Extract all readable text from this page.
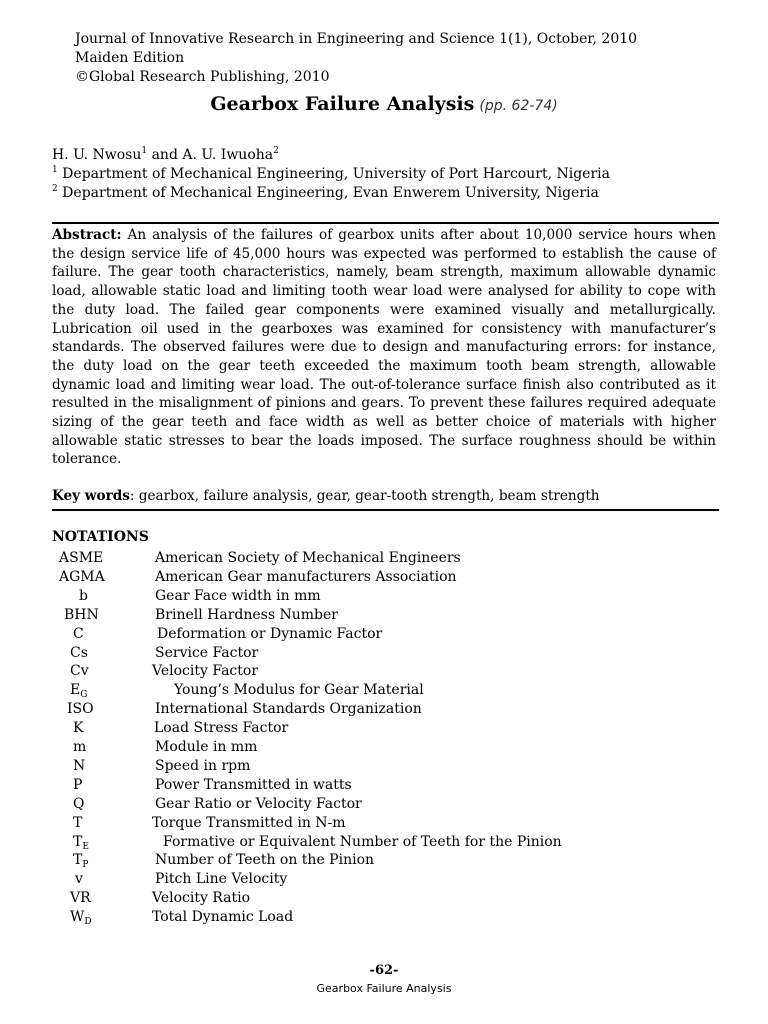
Journal of Innovative Research in Engineering and Science 1(1), October, 2010
Maiden Edition
©Global Research Publishing, 2010
Gearbox Failure Analysis (pp. 62-74)
H. U. Nwosu$^1$ and A. U. Iwuoha$^2$
$^1$ Department of Mechanical Engineering, University of Port Harcourt, Nigeria
$^2$ Department of Mechanical Engineering, Evan Enwerem University, Nigeria
Abstract: An analysis of the failures of gearbox units after about 10,000 service hours when the design service life of 45,000 hours was expected was performed to establish the cause of failure. The gear tooth characteristics, namely, beam strength, maximum allowable dynamic load, allowable static load and limiting tooth wear load were analysed for ability to cope with the duty load. The failed gear components were examined visually and metallurgically. Lubrication oil used in the gearboxes was examined for consistency with manufacturer’s standards. The observed failures were due to design and manufacturing errors: for instance, the duty load on the gear teeth exceeded the maximum tooth beam strength, allowable dynamic load and limiting wear load. The out-of-tolerance surface finish also contributed as it resulted in the misalignment of pinions and gears. To prevent these failures required adequate sizing of the gear teeth and face width as well as better choice of materials with higher allowable static stresses to bear the loads imposed. The surface roughness should be within tolerance.
Key words: gearbox, failure analysis, gear, gear-tooth strength, beam strength
NOTATIONS
ASME	American Society of Mechanical Engineers
AGMA	American Gear manufacturers Association
b	Gear Face width in mm
BHN	Brinell Hardness Number
C	Deformation or Dynamic Factor
Cs	Service Factor
Cv	Velocity Factor
$E_G$	Young’s Modulus for Gear Material
ISO	International Standards Organization
K	Load Stress Factor
m	Module in mm
N	Speed in rpm
P	Power Transmitted in watts
Q	Gear Ratio or Velocity Factor
T	Torque Transmitted in N-m
$T_E$	Formative or Equivalent Number of Teeth for the Pinion
$T_P$	Number of Teeth on the Pinion
v	Pitch Line Velocity
VR	Velocity Ratio
$W_D$	Total Dynamic Load
-62-
Gearbox Failure Analysis
